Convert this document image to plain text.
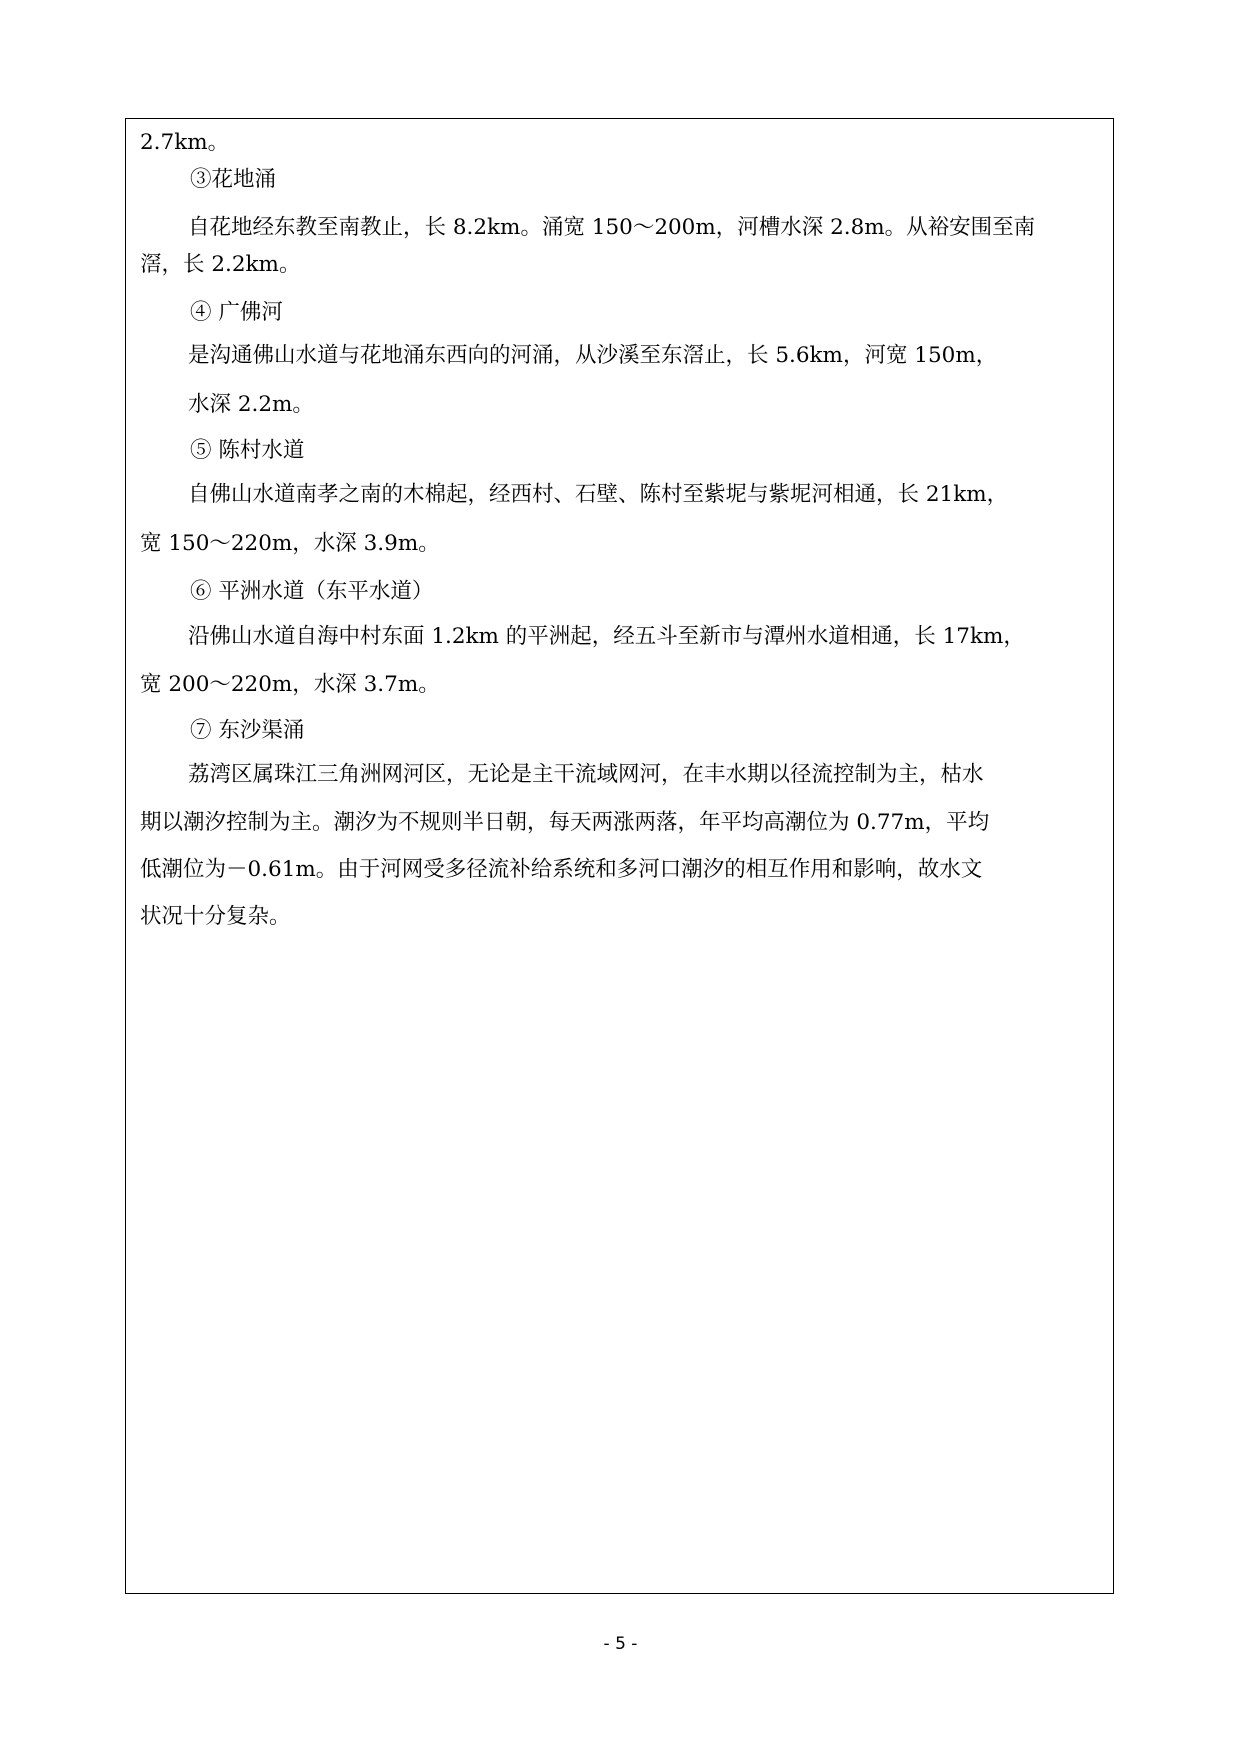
2.7km。
③花地涌
自花地经东教至南教止，长 8.2km。涌宽 150～200m，河槽水深 2.8m。从裕安围至南
滘，长 2.2km。
④ 广佛河
是沟通佛山水道与花地涌东西向的河涌，从沙溪至东滘止，长 5.6km，河宽 150m，
水深 2.2m。
⑤ 陈村水道
自佛山水道南孝之南的木棉起，经西村、石壁、陈村至紫坭与紫坭河相通，长 21km，
宽 150～220m，水深 3.9m。
⑥ 平洲水道（东平水道）
沿佛山水道自海中村东面 1.2km 的平洲起，经五斗至新市与潭州水道相通，长 17km，
宽 200～220m，水深 3.7m。
⑦ 东沙渠涌
荔湾区属珠江三角洲网河区，无论是主干流域网河，在丰水期以径流控制为主，枯水
期以潮汐控制为主。潮汐为不规则半日朝，每天两涨两落，年平均高潮位为 0.77m，平均
低潮位为－0.61m。由于河网受多径流补给系统和多河口潮汐的相互作用和影响，故水文
状况十分复杂。
- 5 -
